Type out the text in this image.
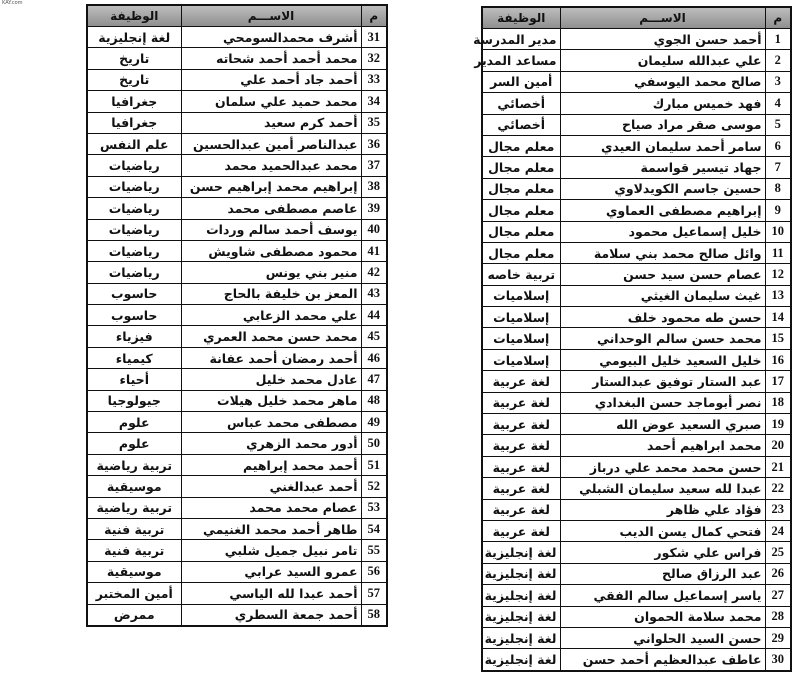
KAY.com
م	الاســـم	الوظيفة
1	أحمد حسن الجوي	مدير المدرسة
2	علي عبدالله سليمان	مساعد المدير
3	صالح محمد اليوسفي	أمين السر
4	فهد خميس مبارك	أخصائي
5	موسى صقر مراد صياح	أخصائي
6	سامر أحمد سليمان العيدي	معلم مجال
7	جهاد تيسير قواسمة	معلم مجال
8	حسين جاسم الكويدلاوي	معلم مجال
9	إبراهيم مصطفى العماوي	معلم مجال
10	خليل إسماعيل محمود	معلم مجال
11	وائل صالح محمد بني سلامة	معلم مجال
12	عصام حسن سيد حسن	تربية خاصه
13	غيث سليمان الغيثي	إسلاميات
14	حسن طه محمود خلف	إسلاميات
15	محمد حسن سالم الوحداني	إسلاميات
16	خليل السعيد خليل البيومي	إسلاميات
17	عبد الستار توفيق عبدالستار	لغة عربية
18	نصر أبوماجد حسن البغدادي	لغة عربية
19	صبري السعيد عوض الله	لغة عربية
20	محمد ابراهيم أحمد	لغة عربية
21	حسن محمد محمد علي درباز	لغة عربية
22	عبدا لله سعيد سليمان الشبلي	لغة عربية
23	فؤاد علي ظاهر	لغة عربية
24	فتحي كمال يسن الديب	لغة عربية
25	فراس علي شكور	لغة إنجليزية
26	عبد الرزاق صالح	لغة إنجليزية
27	ياسر إسماعيل سالم الفقي	لغة إنجليزية
28	محمد سلامة الحموان	لغة إنجليزية
29	حسن السيد الحلواني	لغة إنجليزية
30	عاطف عبدالعظيم أحمد حسن	لغة إنجليزية
م	الاســـم	الوظيفة
31	أشرف محمدالسومحي	لغة إنجليزية
32	محمد أحمد أحمد شحاته	تاريخ
33	أحمد جاد أحمد علي	تاريخ
34	محمد حميد علي سلمان	جغرافيا
35	أحمد كرم سعيد	جغرافيا
36	عبدالناصر أمين عبدالحسين	علم النفس
37	محمد عبدالحميد محمد	رياضيات
38	إبراهيم محمد إبراهيم حسن	رياضيات
39	عاصم مصطفى محمد	رياضيات
40	يوسف أحمد سالم وردات	رياضيات
41	محمود مصطفى شاويش	رياضيات
42	منير بني يونس	رياضيات
43	المعز بن خليفة بالحاج	حاسوب
44	علي محمد الزعابي	حاسوب
45	محمد حسن محمد العمري	فيزياء
46	أحمد رمضان أحمد عفانة	كيمياء
47	عادل محمد خليل	أحياء
48	ماهر محمد خليل هيلات	جيولوجيا
49	مصطفى محمد عباس	علوم
50	أدور محمد الزهري	علوم
51	أحمد محمد إبراهيم	تربية رياضية
52	أحمد عبدالغني	موسيقية
53	عصام محمد محمد	تربية رياضية
54	طاهر أحمد محمد الغنيمي	تربية فنية
55	تامر نبيل جميل شلبي	تربية فنية
56	عمرو السيد عرابي	موسيقية
57	أحمد عبدا لله الياسي	أمين المختبر
58	أحمد جمعة السطري	ممرض
